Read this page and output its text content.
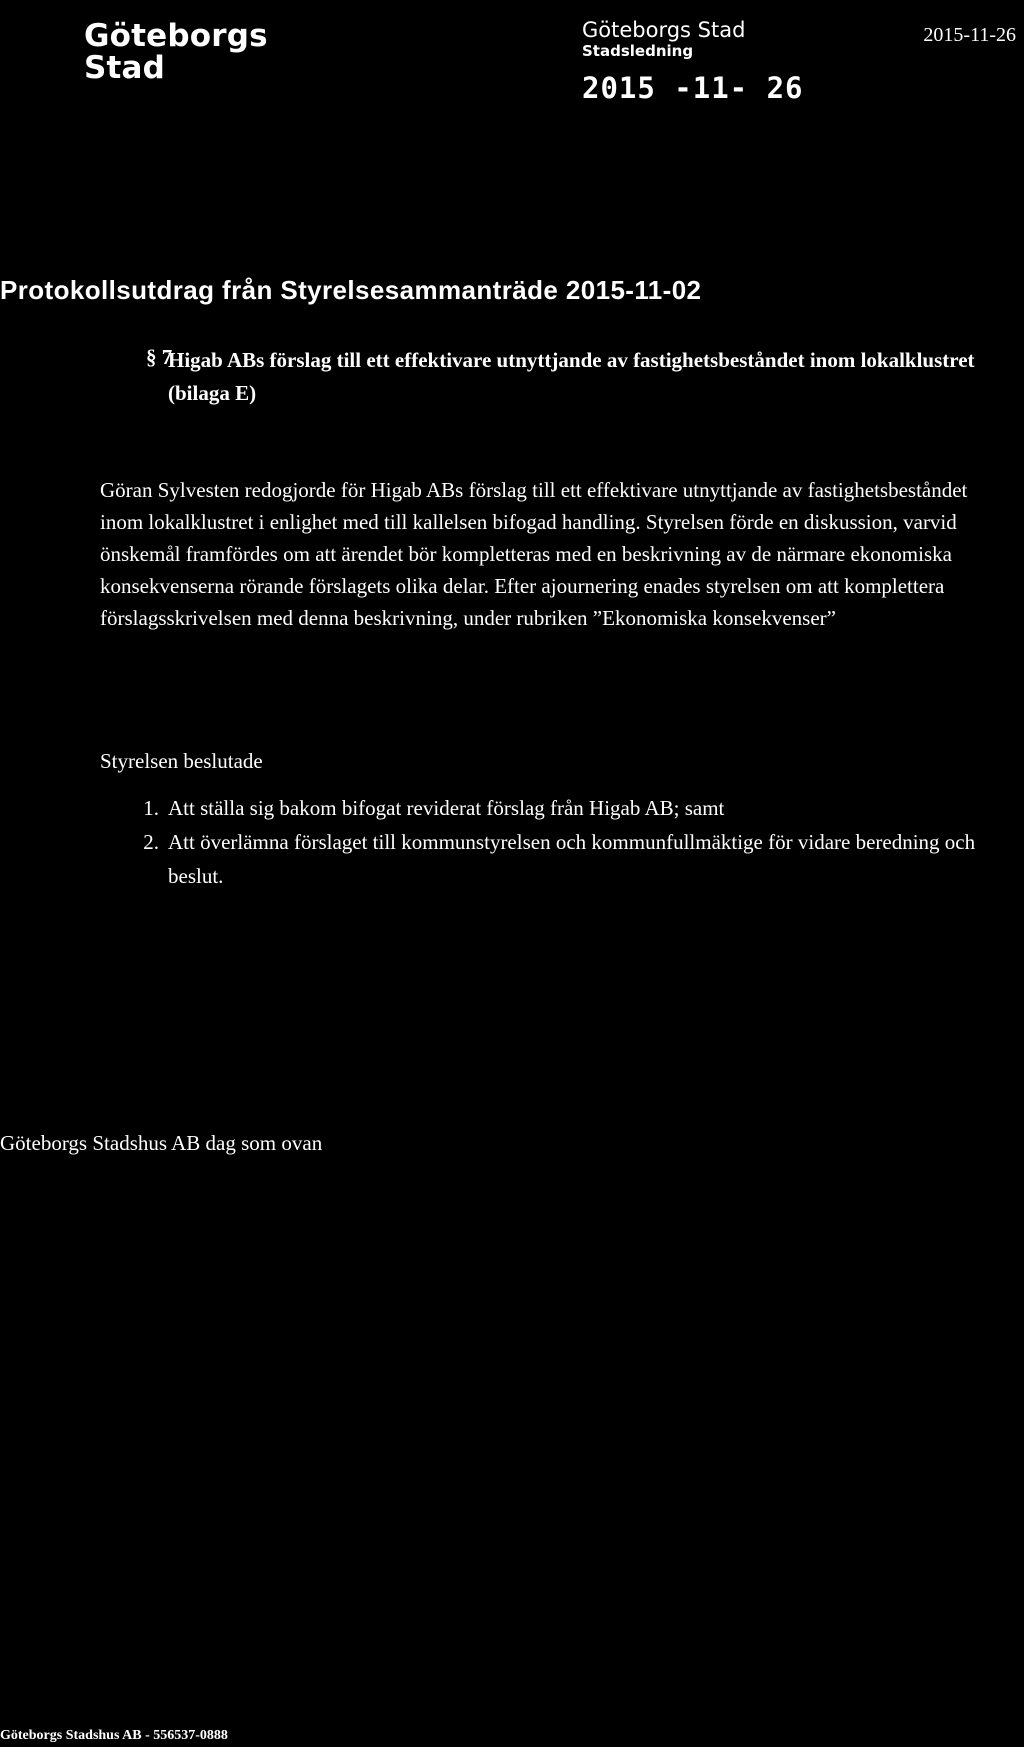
Göteborgs
Stad
Göteborgs Stad
Stadsledning
2015 -11- 26
2015-11-26
Protokollsutdrag från Styrelsesammanträde 2015-11-02
§ 7
Higab ABs förslag till ett effektivare utnyttjande av fastighetsbeståndet inom lokalklustret (bilaga E)
Göran Sylvesten redogjorde för Higab ABs förslag till ett effektivare utnyttjande av fastighetsbeståndet inom lokalklustret i enlighet med till kallelsen bifogad handling. Styrelsen förde en diskussion, varvid önskemål framfördes om att ärendet bör kompletteras med en beskrivning av de närmare ekonomiska konsekvenserna rörande förslagets olika delar. Efter ajournering enades styrelsen om att komplettera förslagsskrivelsen med denna beskrivning, under rubriken ”Ekonomiska konsekvenser”
Styrelsen beslutade
1. Att ställa sig bakom bifogat reviderat förslag från Higab AB; samt
2. Att överlämna förslaget till kommunstyrelsen och kommunfullmäktige för vidare beredning och beslut.
Göteborgs Stadshus AB dag som ovan
Göteborgs Stadshus AB - 556537-0888
